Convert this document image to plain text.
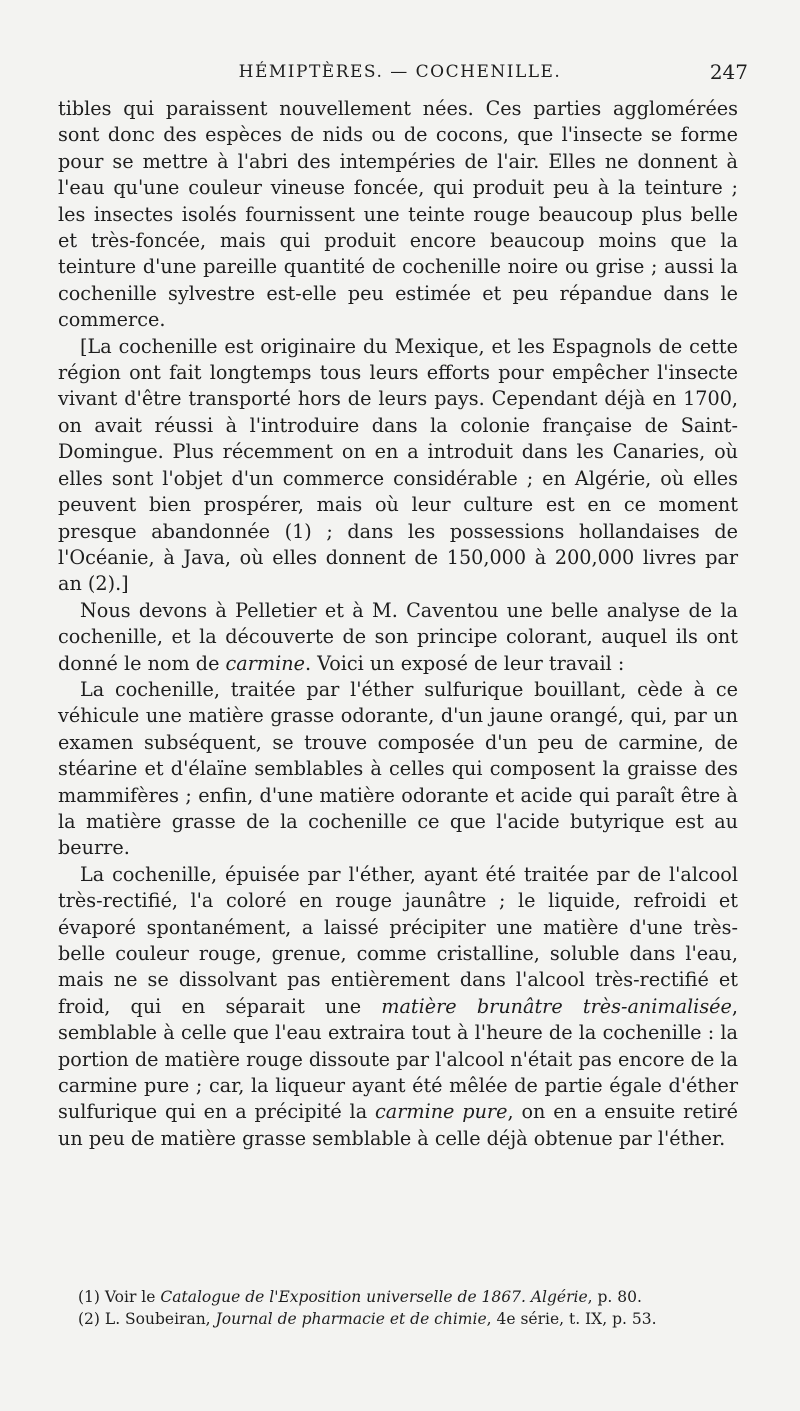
HÉMIPTÈRES. — COCHENILLE.	247

tibles qui paraissent nouvellement nées. Ces parties agglomérées sont donc des espèces de nids ou de cocons, que l'insecte se forme pour se mettre à l'abri des intempéries de l'air. Elles ne donnent à l'eau qu'une couleur vineuse foncée, qui produit peu à la teinture ; les insectes isolés fournissent une teinte rouge beaucoup plus belle et très-foncée, mais qui produit encore beaucoup moins que la teinture d'une pareille quantité de cochenille noire ou grise ; aussi la cochenille sylvestre est-elle peu estimée et peu répandue dans le commerce.

[La cochenille est originaire du Mexique, et les Espagnols de cette région ont fait longtemps tous leurs efforts pour empêcher l'insecte vivant d'être transporté hors de leurs pays. Cependant déjà en 1700, on avait réussi à l'introduire dans la colonie française de Saint-Domingue. Plus récemment on en a introduit dans les Canaries, où elles sont l'objet d'un commerce considérable ; en Algérie, où elles peuvent bien prospérer, mais où leur culture est en ce moment presque abandonnée (1) ; dans les possessions hollandaises de l'Océanie, à Java, où elles donnent de 150,000 à 200,000 livres par an (2).]

Nous devons à Pelletier et à M. Caventou une belle analyse de la cochenille, et la découverte de son principe colorant, auquel ils ont donné le nom de carmine. Voici un exposé de leur travail :

La cochenille, traitée par l'éther sulfurique bouillant, cède à ce véhicule une matière grasse odorante, d'un jaune orangé, qui, par un examen subséquent, se trouve composée d'un peu de carmine, de stéarine et d'élaïne semblables à celles qui composent la graisse des mammifères ; enfin, d'une matière odorante et acide qui paraît être à la matière grasse de la cochenille ce que l'acide butyrique est au beurre.

La cochenille, épuisée par l'éther, ayant été traitée par de l'alcool très-rectifié, l'a coloré en rouge jaunâtre ; le liquide, refroidi et évaporé spontanément, a laissé précipiter une matière d'une très-belle couleur rouge, grenue, comme cristalline, soluble dans l'eau, mais ne se dissolvant pas entièrement dans l'alcool très-rectifié et froid, qui en séparait une matière brunâtre très-animalisée, semblable à celle que l'eau extraira tout à l'heure de la cochenille : la portion de matière rouge dissoute par l'alcool n'était pas encore de la carmine pure ; car, la liqueur ayant été mêlée de partie égale d'éther sulfurique qui en a précipité la carmine pure, on en a ensuite retiré un peu de matière grasse semblable à celle déjà obtenue par l'éther.

(1) Voir le Catalogue de l'Exposition universelle de 1867. Algérie, p. 80.
(2) L. Soubeiran, Journal de pharmacie et de chimie, 4e série, t. IX, p. 53.
